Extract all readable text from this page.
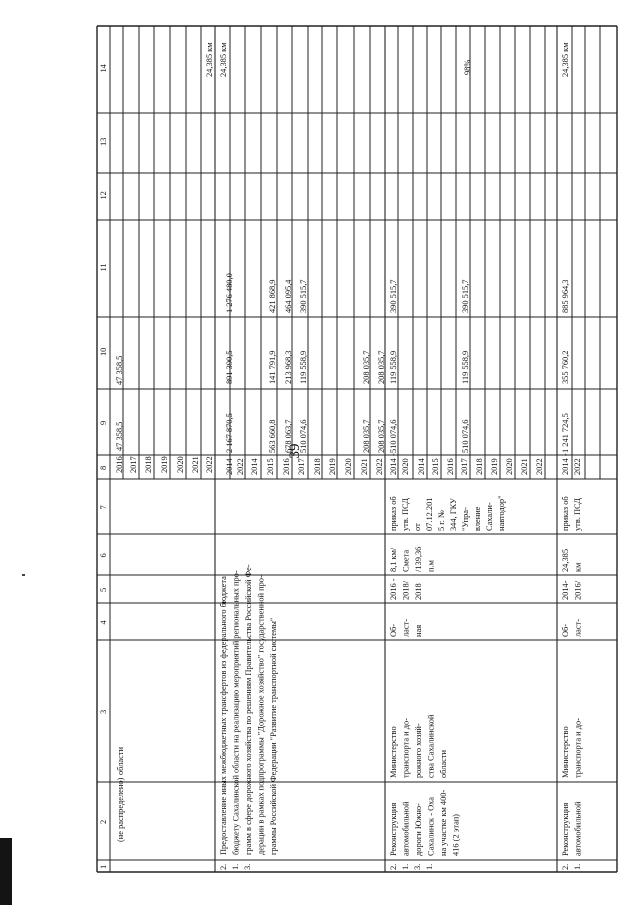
39
1
2
3
4
5
6
7
8
9
10
11
12
13
14
(не распределено)
области
2016 2017 2018 2019 2020 2021 2022
47 358,5
47 358,5
24,385 км
2. 1. 3.
Предоставление иных межбюджетных трансфертов из федерального бюджета бюджету Сахалинской области на реализацию мероприятий региональных про- грамм в сфере дорожного хозяйства по решениям Правительства Российской Фе- дерации в рамках подпрограммы "Дорожное хозяйство" государственной про- граммы Российской Федерации "Развитие транспортной системы"
2014 - 2022 2014 2015 2016 2017 2018 2019 2020 2021 2022
2 167 870,5
891 390,5
1 276 480,0
563 660,8 678 063,7 510 074,6	208 035,7 208 035,7
141 791,9 213 968,3 119 558,9	208 035,7 208 035,7
421 868,9 464 095,4 390 515,7
24,385 км
2. 1. 3. 1.
Реконструкция автомобильной дороги Южно- Сахалинск - Оха на участке км 400- 416 (2 этап)
Министерство транспорта и до- рожного хозяй- ства Сахалинской области
Об- ласт- ная
2016 - 2018/ 2018
8,1 км/ Смета /139,36 п.м
приказ об утв. ПСД от 07.12.201 5 г. № 344, ГКУ "Упра- вление Сахали- навтодор"
2014 - 2020 2014 2015 2016 2017 2018 2019 2020 2021 2022
510 074,6
119 558,9
390 515,7
510 074,6
119 558,9
390 515,7
98%
2. 1.
Реконструкция автомобильной
Министерство транспорта и до-
Об- ласт-
2014- 2016/
24,385 км
приказ об утв. ПСД
2014 - 2022
1 241 724,5
355 760,2
885 964,3
24,385 км
